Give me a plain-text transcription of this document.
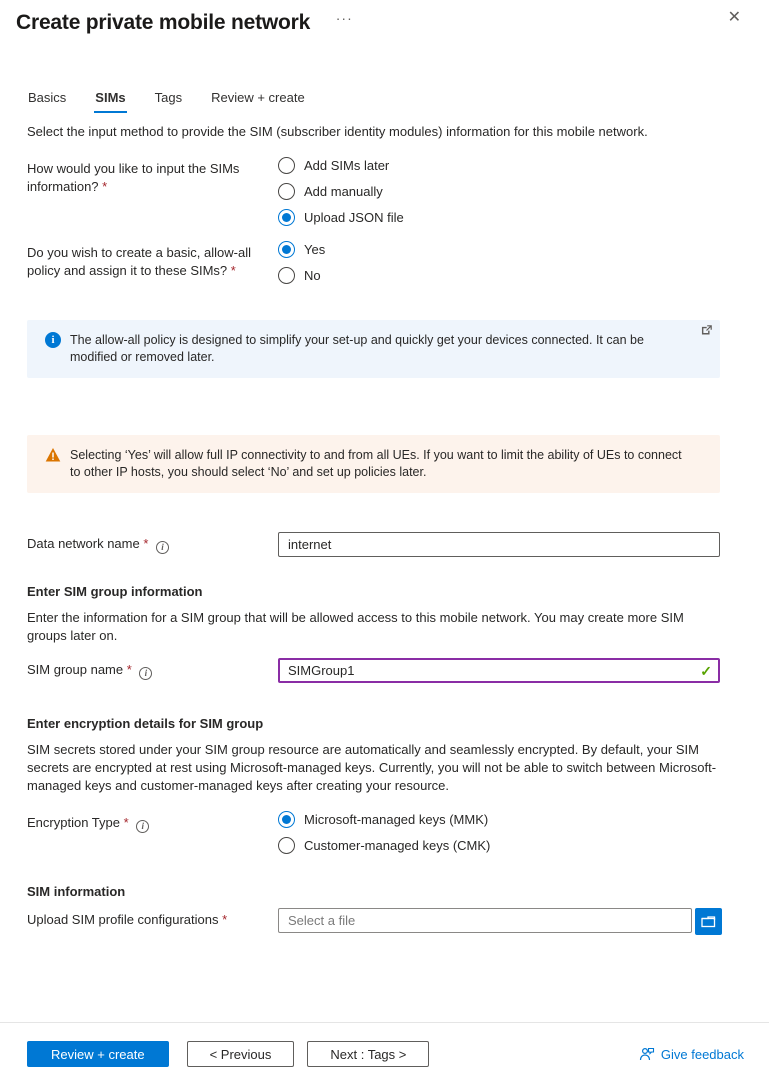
Create private mobile network ···	✕
Basics SIMs Tags Review + create

Select the input method to provide the SIM (subscriber identity modules) information for this mobile network.

How would you like to input the SIMs information? *
Add SIMs later
Add manually
Upload JSON file
Do you wish to create a basic, allow-all policy and assign it to these SIMs? *
Yes
No
i	The allow-all policy is designed to simplify your set-up and quickly get your devices connected. It can be modified or removed later.
Selecting ‘Yes’ will allow full IP connectivity to and from all UEs. If you want to limit the ability of UEs to connect to other IP hosts, you should select ‘No’ and set up policies later.
Data network name * i
internet
Enter SIM group information

Enter the information for a SIM group that will be allowed access to this mobile network. You may create more SIM groups later on.

SIM group name * i
SIMGroup1	✓
Enter encryption details for SIM group

SIM secrets stored under your SIM group resource are automatically and seamlessly encrypted. By default, your SIM secrets are encrypted at rest using Microsoft-managed keys. Currently, you will not be able to switch between Microsoft-managed keys and customer-managed keys after creating your resource.

Encryption Type * i	Microsoft-managed keys (MMK)
Customer-managed keys (CMK)
SIM information
Upload SIM profile configurations *
Select a file
Review + create	< Previous	Next : Tags >	Give feedback
